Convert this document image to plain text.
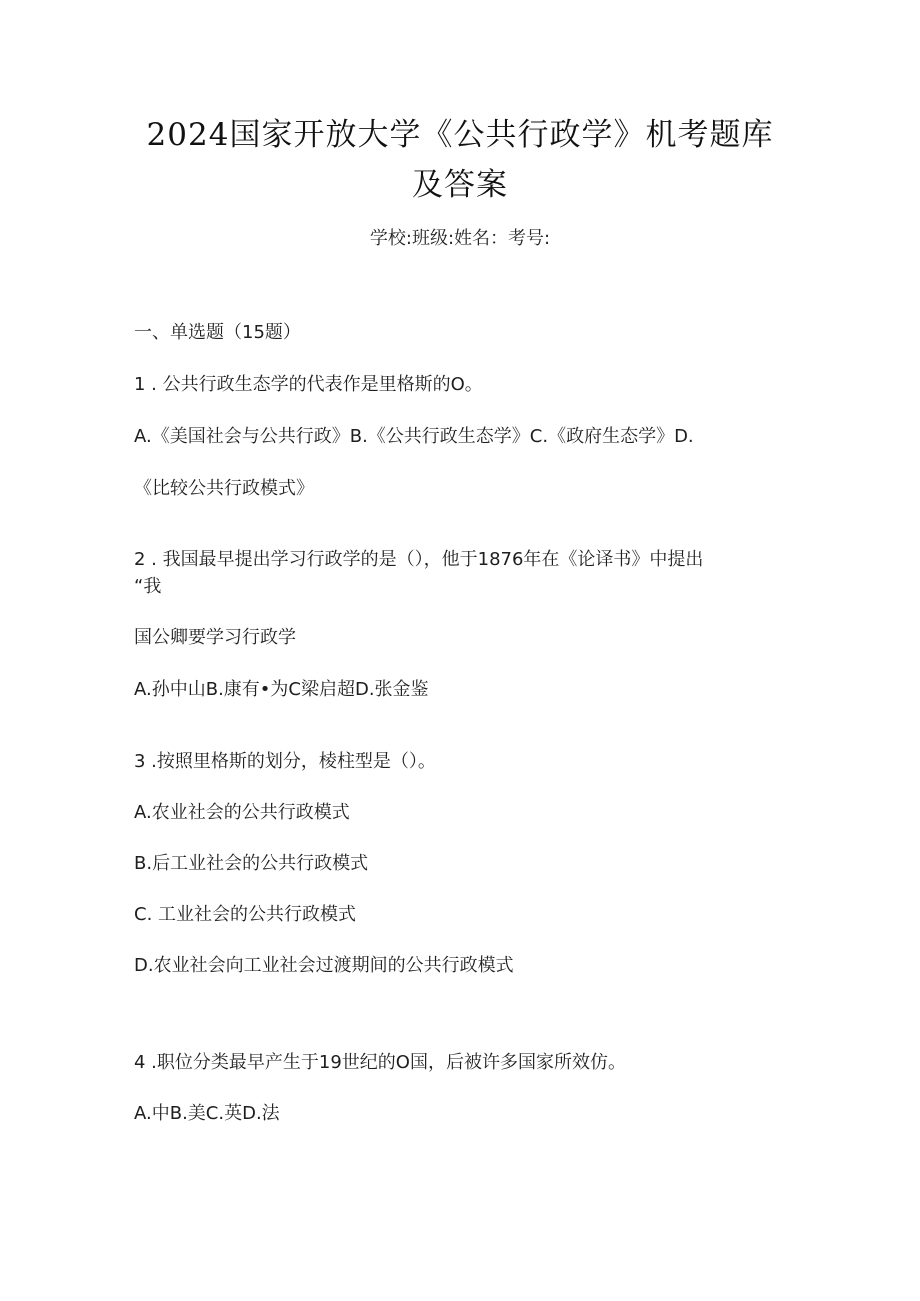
2024国家开放大学《公共行政学》机考题库
及答案
学校:班级:姓名：考号:
一、单选题（15题）
1 . 公共行政生态学的代表作是里格斯的O。
A.《美国社会与公共行政》B.《公共行政生态学》C.《政府生态学》D.
《比较公共行政模式》
2 . 我国最早提出学习行政学的是（），他于1876年在《论译书》中提出
“我
国公卿要学习行政学
A.孙中山B.康有•为C梁启超D.张金鉴
3 .按照里格斯的划分，棱柱型是（）。
A.农业社会的公共行政模式
B.后工业社会的公共行政模式
C. 工业社会的公共行政模式
D.农业社会向工业社会过渡期间的公共行政模式
4 .职位分类最早产生于19世纪的O国，后被许多国家所效仿。
A.中B.美C.英D.法
